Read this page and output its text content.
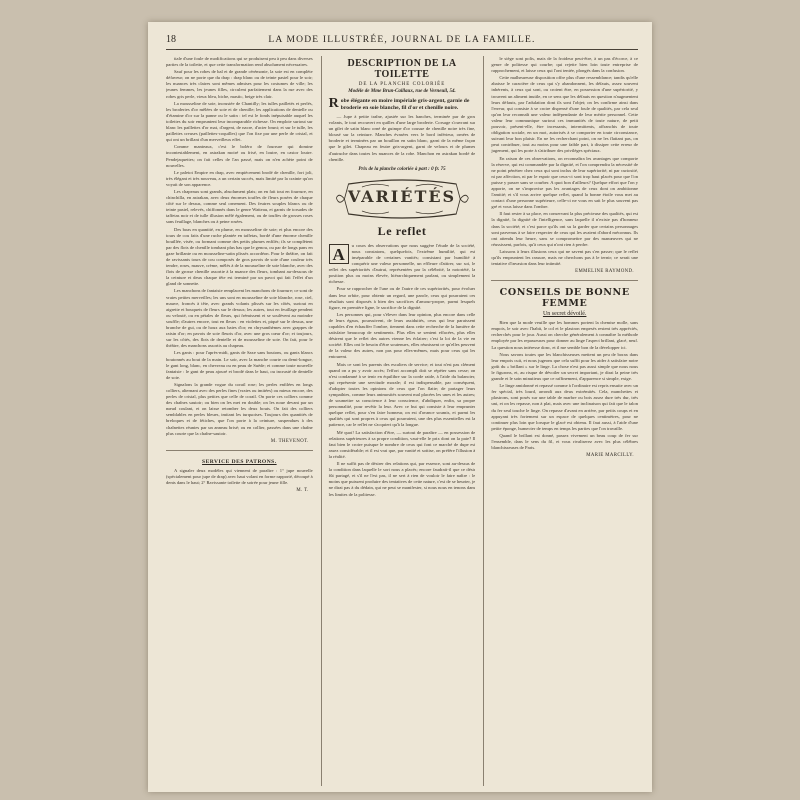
18	LA MODE ILLUSTRÉE, JOURNAL DE LA FAMILLE.

tiale d'une foule de modifications qui se produisent peu à peu dans diverses parties de la toilette, et que cette transformation rend absolument nécessaires.

Sauf pour les robes de bal et de grande cérémonie, la soie est en complète défaveur; on ne porte que du drap : drap blanc ou de teinte pastel pour le soir; les nuances très claires sont mêmes admises pour les costumes de ville; les jeunes femmes, les jeunes filles, circulent parfaitement dans la rue avec des robes gris perle, vieux bleu, biche, mastic, beige très clair.

La mousseline de soie, incrustée de Chantilly; les tulles pailletés et perlés, les broderies d'or mêlées de soie et de chenille; les applications de dentelle ou d'étamine d'or sur la panne ou le satin : tel est le fonds inépuisable auquel les toilettes du soir empruntent leur incomparable richesse. On emploie surtout sur blanc les paillettes d'or mat, d'argent, de nacre, d'acier bruni; et sur le tulle, les paillettes creuses (paillettes-coquilles) que l'on fixe par une perle de cristal, et qui ont un brillant d'un merveilleux effet.

Comme manteaux, c'est le boléro de fourrure qui domine incontestablement, en astrakan moiré ou frisé, en loutre, en castor loutre. Pendejaquettes; on fait celles de l'an passé, mais on n'en achète point de nouvelles.

Le paletot Empire en drap, avec empiècement brodé de chenille, fort joli, très élégant et très nouveau, a un certain succès, mais limité par la crainte qu'on voyait de son apparence.

Les chapeaux sont grands, absolument plats; on en fait tout en fourrure, en chinchilla, en astrakan, avec deux énormes touffes de fleurs posées de chaque côté sur le dessus, comme seul ornement. Des feutres souples blancs ou de teinte pastel, relevés, chiffonnés dans le genre Watteau, et garnis de torsades de taffetas noir et de tulle illusion mêlé également, ou de touffes de grosses roses sans feuillage, blanches ou à peine rosées.

Des boas en quantité, en plume, en mousseline de soie; et plus encore des tours de cou faits d'une ruche plantée en taffetas, bordé d'une énorme chenille bouillée, visée, ou formant comme des petits plumes enfilés; ils se complètent par des flots de chenille tombant plus bas que le genou, ou par de longs pans en gaze brillante ou en mousseline-satin plissés accordéon. Pour le théâtre, on fait de ravissants tours de cou composés de gros pavots de soie d'une couleur très tendre, roses, mauve, crème, mêlés à de la mousseline de soie blanche, avec des flots de grosse chenille assortie à la nuance des fleurs, tombant au-dessous de la ceinture et deux chaque tête est terminé par un pavot qui fait l'effet d'un gland de sonnette.

Les manchons de fantaisie remplacent les manchons de fourrure; ce sont de vraies petites merveilles; les uns sont en mousseline de soie blanche, rose, ciel, mauve, froncés à tête, avec grands volants plissés sur les côtés, surtout en aigrette et bouquets de fleurs sur le dessus; les autres, tout en feuillage pendent ou velouté, ou en pétales de fleurs, qui frémissent et se soulèvent au moindre souffle; d'autres encore, tout en fleurs : en violettes et, piqué sur le dessus, une branche de gui, ou de houx aux baies d'or; en chrysanthèmes avec grappes de raisin d'or; en pavots de soie fleuris d'or, avec une gros cœur d'or; et toujours, sur les côtés, des flots de dentelle et de mousseline de soie. On fait, pour le théâtre, des manchons assortis au chapeau.

Les gants : pour l'après-midi, gants de Saxe sans boutons, ou gants blancs boutonnés au bout de la main. Le soir, avec la manche courte ou demi-longue, le gant long, blanc, en chevreau ou en peau de Suède; et comme toute nouvelle fantaisie : le gant de peau ajouré et brodé dans le haut, ou incrusté de dentelle de soie.

Signalons la grande vogue du corail rose; les perles enfilées en longs colliers, alternant avec des perles fines (vraies ou imitées) ou mieux encore, des perles de cristal, plus petites que celle de corail. On porte ces colliers comme des chaînes sautoir; ou bien on les met en double; on les noue devant par un nœud coulant, et on laisse retomber les deux bouts. On fait des colliers semblables en perles bleues, imitant les turquoises. Toujours des quantités de breloques et de fétiches, que l'on porte à la ceinture, suspendues à des chaînettes réunies par un anneau brisé; ou en collier, passées dans une chaîne plus courte que la chaîne-sautoir.

M. THEVENOT.
SERVICE DES PATRONS.

A signaler deux modèles qui viennent de paraître : 1° jupe nouvelle (spécialement pour jupe de drap) avec haut volant en forme rapporté, découpé à dents dans le haut; 2° Ravissante toilette de soirée pour jeune fille.

M. T.
DESCRIPTION DE LA TOILETTE
DE LA PLANCHE COLORIÉE
Modèle de Mme Brun-Caillaux, rue de Verneuil, 54.
R obe élégante en moire impériale gris-argent, garnie de broderie en soie blanche, fil d'or et chenille noire.

— Jupe à petite traîne, ajustée sur les hanches, terminée par de gros volants, le tout recouvert en quilles d'une large broderie. Corsage s'ouvrant sur un gilet de satin blanc orné de guimpe d'or cousue de chenille noire très fine, blousé sur la ceinture. Manches évasées vers le bord inférieur, ornées de broderie et terminées par un bouillon en satin blanc, garni de la même façon que le gilet. Chapeau en feutre gris-argent, garni de velours et de plumes d'autruche dans toutes les nuances de la robe. Manchon en astrakan bordé de chenille.

Prix de la planche coloriée à part : 0 fr. 75
VARIÉTÉS
Le reflet
A	u cours des observations que nous suggère l'étude de la société, nous constatons, quelquefois, l'extrême humilité, qui est inséparable de certaines vanités; consistant par humilité à conquérir une valeur personnelle, un effleure d'attirer, sur soi, le reflet des supériorités d'autrui, représentées par la célébrité, la notoriété, la position plus ou moins élevée, hiérarchiquement parlant, ou simplement la richesse.

Pour se rapprocher de l'une ou de l'autre de ces supériorités, pour évoluer dans leur orbite, pour obtenir un regard, une parole, ceux qui pourraient ces résultats sont disposés à bien des sacrifices d'amour-propre, parmi lesquels figure, en première ligne, le sacrifice de la dignité.

Les personnes qui, pour s'élever dans leur opinion, plus encore dans celle de leurs égaux, poursuivent, de leurs assiduités, ceux qui leur paraissent capables d'en échauffer l'ombre, tiennent dans cette recherche de la lumière de satisfaire beaucoup de sentiments. Plus elles se sentent effacées, plus elles désirent que le reflet des autres vienne les éclairer; c'est la loi de la vie en société. Elles ont le besoin d'être soutenues, elles réunissent ce qu'elles peuvent de la valeur des autres, non pas pour elles-mêmes, mais pour ceux qui les entourent.

Mais ce sont les parents des escaliers de service; et tout n'est pas clément quand on a pu y avoir accès; l'effort accompli doit se répéter sans cesse; on n'est condamné à se tenir en équilibre sur la corde raide, à l'aide du balancier, qui représente une servitude morale; il est indispensable, par conséquent, d'adopter toutes les opinions de ceux que l'on flatte; de partager leurs sympathies, comme leurs animosités souvent mal placées les unes et les autres; de soumettre sa conscience à leur conscience, d'abdiquer, enfin, sa propre personnalité, pour revêtir la leur. Avec ce but qui consiste à leur emprunter quelque reflet, pour s'en faire honneur, on est d'avance soumis, et parmi les qualités qui sont propres à ceux qui pourraient, une des plus essentielles est la patience, car le reflet ne s'acquiert qu'à la longue.

Mé quoi! La satisfaction d'être, — surtout de paraître — en possession de relations supérieures à sa propre condition, vaut-elle le prix dont on la paie? Il faut bien le croire puisque le nombre de ceux qui font ce marché de dupe est assez considérable; et il est vrai que, par vanité et sottise, on préfère l'illusion à la réalité.

Il ne suffit pas de désirer des relations qui, par essence, sont au-dessus de la condition dans laquelle le sort nous a placés; encore faudrait-il que ce désir fût partagé, et s'il ne l'est pas, il ne sert à rien de vouloir le faire naître : le moins que puissent produire des tentatives de cette nature, c'est de se heurter, je ne dirai pas à du dédain, qui ne peut se manifester, si nous nous en tenons dans les limites de la politesse.

le siège sont polis, mais de la froideur peut-être, à un pas d'écorce, à ce genre de politesse qui courbe; qui rejette bien loin toute entreprise de rapprochement, et laisse ceux qui l'ont tentée, plongés dans la confusion.

Cette malheureuse disposition offre plus d'une ressemblance; tandis qu'elle abaisse le caractère de ceux qui s'y abandonnent, les défauts, assez souvent inhérents, à ceux qui sont, ou croient être, en possession d'une supériorité, y trouvent un aliment inutile, en ce sens que les défauts en question n'augmentent leurs défauts, par l'adulation dont ils sont l'objet; on les confirme ainsi dans l'erreur, qui consiste à se croire dispensé d'une foule de qualités, par cela seul qu'on leur reconnaît une valeur indépendante de leur mérite personnel. Cette valeur leur communique surtout ces immunités de toute nature, de petit pouvoir, présent-elle, être incessants, intermittents, affranchis de toute obligation sociale, en un mot, autorisés à se comporter en toute circonstance, suivant leur bon plaisir. En ne les recherchant point, on ne les flattant pas, on peut contribuer, tout au moins pour une faible part, à dissiper cette erreur de jugement, qui les porte à s'attribuer des privilèges spéciaux.

En raison de ces observations, on reconnaîtra les avantages que comporte la réserve, qui est commandée par la dignité, et l'on comprendra la nécessité de ne point pénétrer chez ceux qui sont inclus de leur supériorité, ni par curiosité, ni par affection, ni par le espoir que ceux-ci sont trop haut placés pour que l'on puisse y passer sans se courber. A quoi bon d'ailleurs? Quelque effort que l'on y apporte, on ne s'improvise pas les avantages de ceux dont on ambitionne l'amitié; et s'il vous arrive quelque reflet, quand la bonne étoile vous met au contact d'une personne supérieure, celle-ci ne vous en sait le plus souvent pas gré et vous laisse dans l'ombre.

Il faut rester à sa place, en conservant la plus précieuse des qualités, qui est la dignité, la dignité de l'intelligence, sans laquelle il n'existe pas d'honneur dans la société; et c'est parce qu'ils ont su la garder que certains personnages sont parvenus à se faire respecter de ceux qui les avaient d'abord méconnus. Ils ont attendu leur heure, sans se compromettre par des manœuvres qui ne réussissent, parfois, qu'à ceux qui n'ont rien à perdre.

Laissons à leurs illusions ceux qui ne savent pas s'en passer; que le reflet qu'ils empruntent les rassure, mais ne cherchons pas à le ternir; ce serait une tentative d'invasion dans leur intimité.

EMMELINE RAYMOND.
CONSEILS DE BONNE FEMME
Un secret dévoilé.

Rien que la mode veuille que les hommes portent la chemise molle, sans empois, le soir avec l'habit, le col et le plastron empesés restent très appréciés, recherchés pour le jour. Aussi on cherche généralement à connaître la méthode employée par les repasseuses pour donner au linge l'aspect brillant, glacé, neuf. La question nous intéresse donc, et il me semble bon de la développer ici.

Nous savons toutes que les blanchisseuses mettent un peu de borax dans leur empois cuit, et nous jugeons que cela suffit pour les aider à satisfaire notre goût du « brillant » sur le linge. La chose n'est pas aussi simple que nous nous le figurons, et, au risque de dévoiler un secret important, je dirai la peine très grande et le soin minutieux que ce raffinement, d'apparence si simple, exige.

Le linge amidonné et repassé comme à l'ordinaire est repris ensuite avec un fer spécial, très lourd, arrondi aux deux extrémités. Cela, manchettes et plastrons, sont posés sur une table de marbre ou bois assez dure très dur, très uni, et on les repasse, non à plat, mais avec une inclinaison qui fait que le talon du fer seul touche le linge. On repasse d'avant en arrière, par petits coups et en appuyant très fortement sur un espace de quelques centimètres, pour ne continuer plus loin que lorsque le glacé est obtenu. Il faut aussi, à l'aide d'une petite éponge, humecter de temps en temps les parties que l'on travaille.

Quand le brillant est donné, passez vivement un beau coup de fer sur l'ensemble, dans le sens du fil, et vous rivaliserez avec les plus célèbres blanchisseuses de Paris.

MARIE MARCILLY.
